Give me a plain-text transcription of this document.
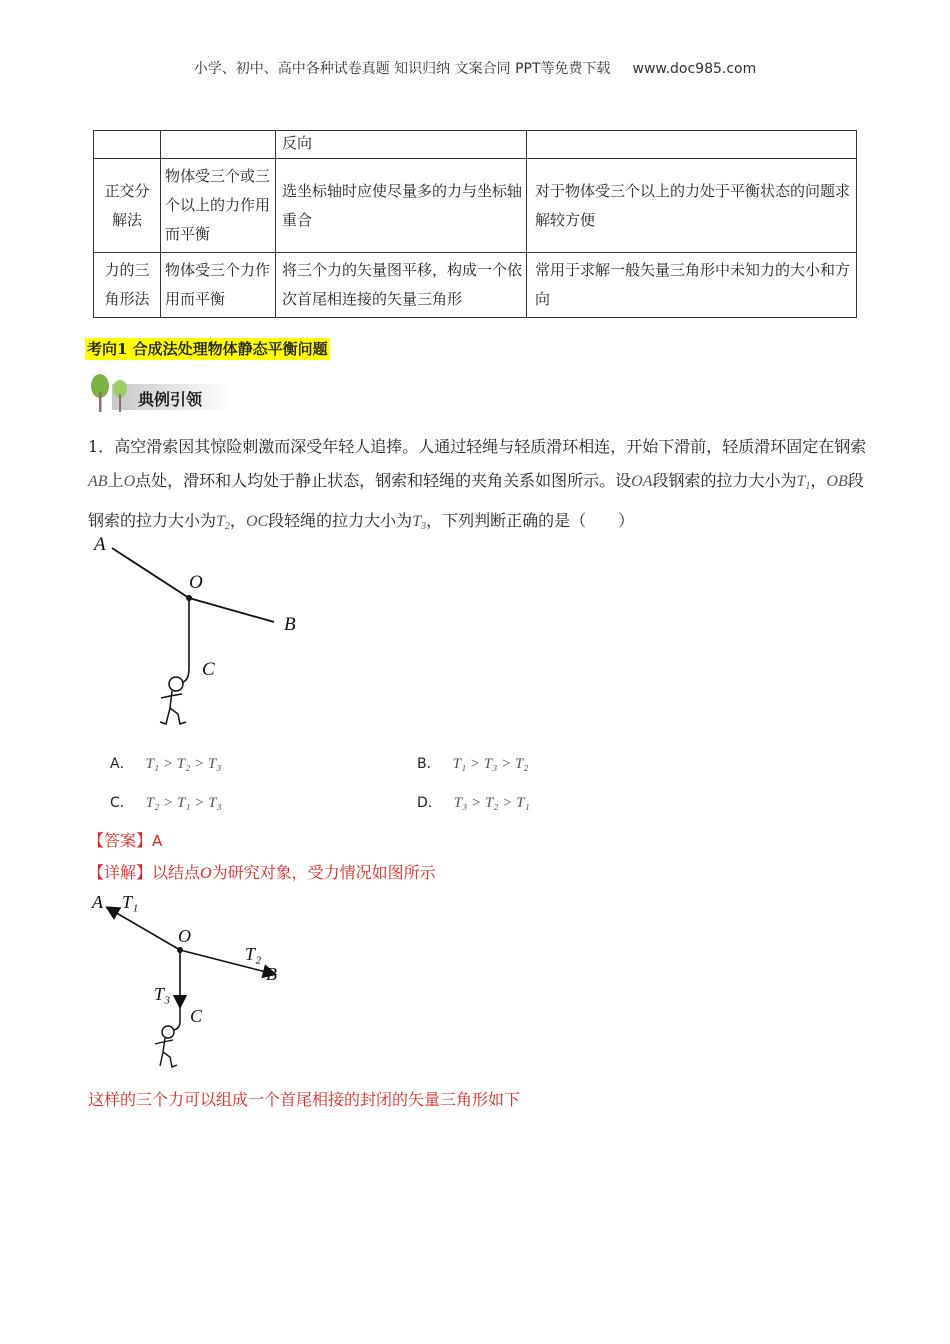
小学、初中、高中各种试卷真题 知识归纳 文案合同 PPT等免费下载 www.doc985.com
		反向	
正交分解法	物体受三个或三个以上的力作用而平衡	选坐标轴时应使尽量多的力与坐标轴重合	对于物体受三个以上的力处于平衡状态的问题求解较方便
力的三角形法	物体受三个力作用而平衡	将三个力的矢量图平移，构成一个依次首尾相连接的矢量三角形	常用于求解一般矢量三角形中未知力的大小和方向
考向1 合成法处理物体静态平衡问题
典例引领
1．高空滑索因其惊险刺激而深受年轻人追捧。人通过轻绳与轻质滑环相连，开始下滑前，轻质滑环固定在钢索AB上O点处，滑环和人均处于静止状态，钢索和轻绳的夹角关系如图所示。设OA段钢索的拉力大小为$T_1$，OB段钢索的拉力大小为$T_2$，OC段轻绳的拉力大小为$T_3$，下列判断正确的是（　　）
A
O
B
C
A． T₁ > T₂ > T₃	B． T₁ > T₃ > T₂
C． T₂ > T₁ > T₃	D． T₃ > T₂ > T₁
【答案】A
【详解】以结点O为研究对象，受力情况如图所示
A T₁
O
T₂
B
T₃
C
这样的三个力可以组成一个首尾相接的封闭的矢量三角形如下
